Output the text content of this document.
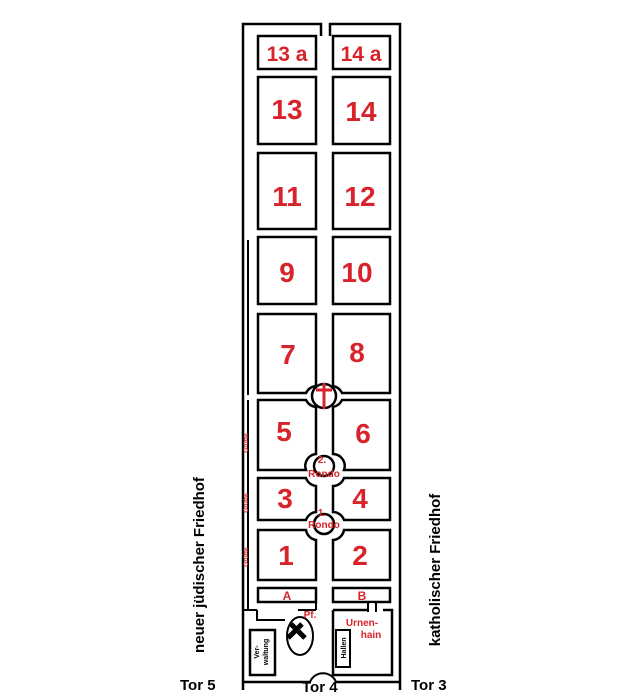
13 a 14 a
13 14
11 12
9 10
7 8
5 6
3 4
1 2
A	B
2.
Rondo
1.
Rondo
Grüfte
Grüfte
Grüfte
Pf.
Urnen-
hain
Hallen
Ver- waltung
neuer jüdischer Friedhof	katholischer Friedhof
Tor 5	Tor 4	Tor 3
